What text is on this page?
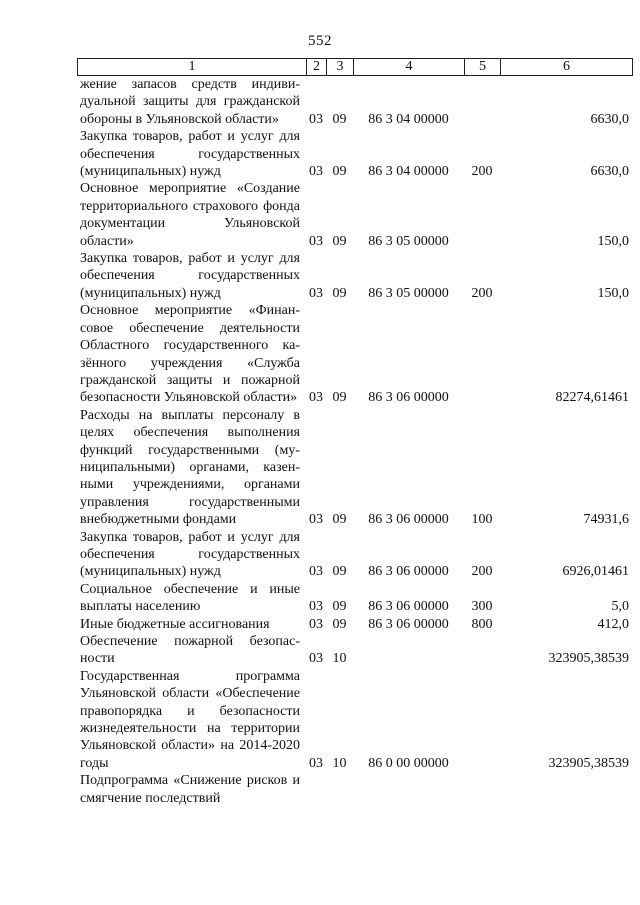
552
1	2	3	4	5	6
жение запасов средств индивидуальной защиты для гражданской обороны в Ульяновской области»	03	09	86 3 04 00000		6630,0
Закупка товаров, работ и услуг для обеспечения государственных (муниципальных) нужд	03	09	86 3 04 00000	200	6630,0
Основное мероприятие «Создание территориального страхового фонда документации Ульяновской области»	03	09	86 3 05 00000		150,0
Закупка товаров, работ и услуг для обеспечения государственных (муниципальных) нужд	03	09	86 3 05 00000	200	150,0
Основное мероприятие «Финансовое обеспечение деятельности Областного государственного казённого учреждения «Служба гражданской защиты и пожарной безопасности Ульяновской области»	03	09	86 3 06 00000		82274,61461
Расходы на выплаты персоналу в целях обеспечения выполнения функций государственными (муниципальными) органами, казенными учреждениями, органами управления государственными внебюджетными фондами	03	09	86 3 06 00000	100	74931,6
Закупка товаров, работ и услуг для обеспечения государственных (муниципальных) нужд	03	09	86 3 06 00000	200	6926,01461
Социальное обеспечение и иные выплаты населению	03	09	86 3 06 00000	300	5,0
Иные бюджетные ассигнования	03	09	86 3 06 00000	800	412,0
Обеспечение пожарной безопасности	03	10			323905,38539
Государственная программа Ульяновской области «Обеспечение правопорядка и безопасности жизнедеятельности на территории Ульяновской области» на 2014-2020 годы	03	10	86 0 00 00000		323905,38539
Подпрограмма «Снижение рисков и смягчение последствий					
